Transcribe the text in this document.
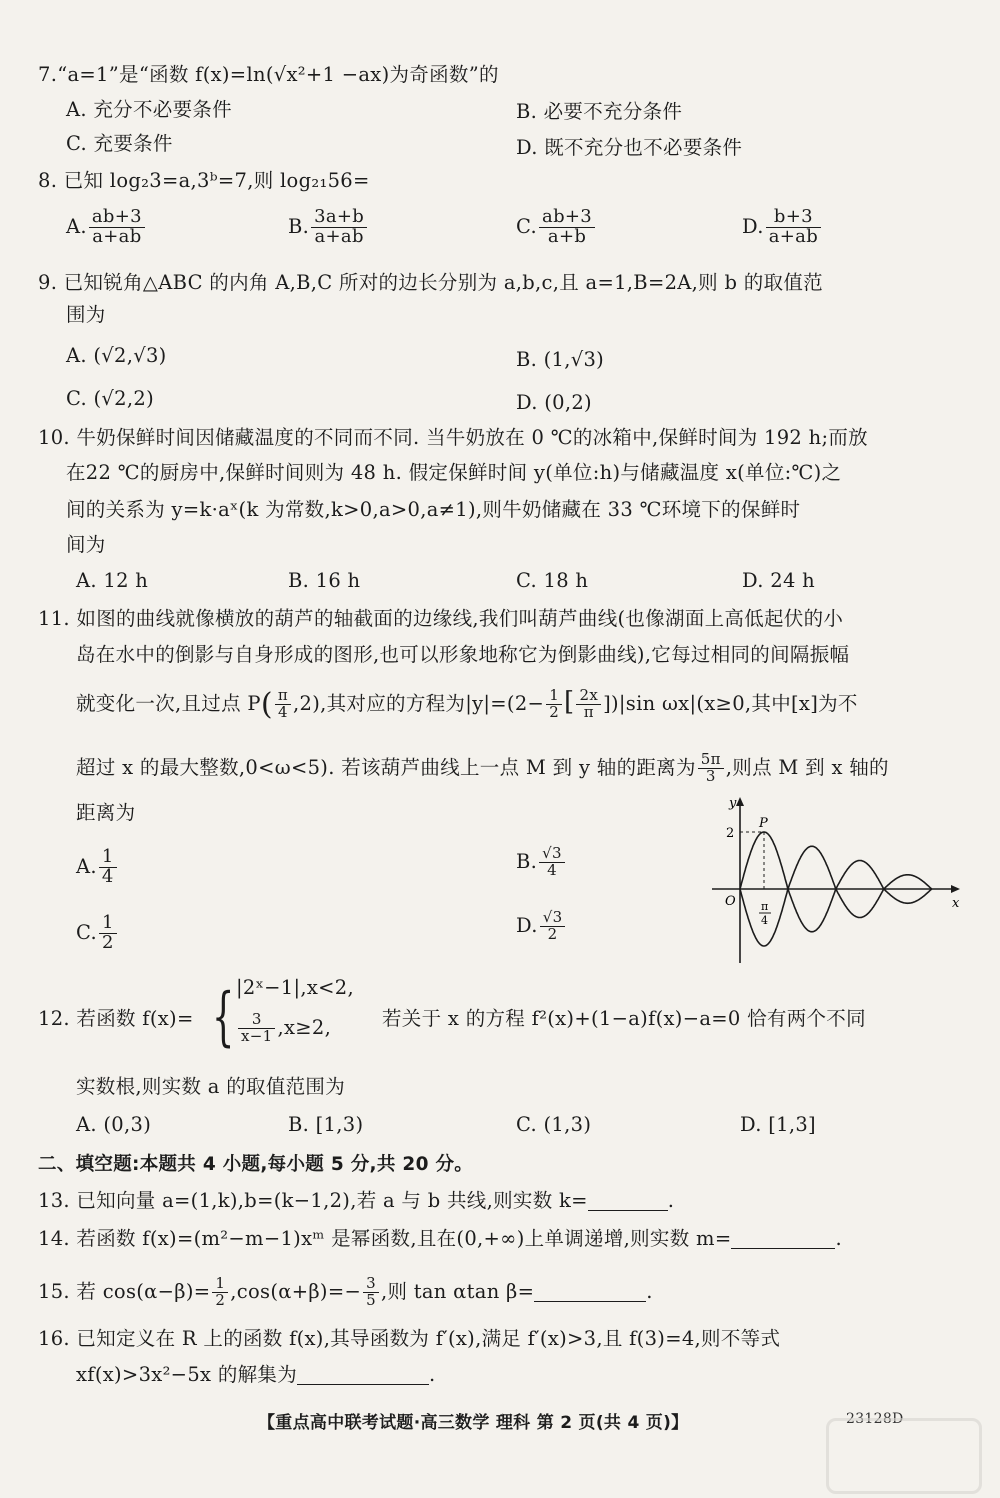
7.“a=1”是“函数 f(x)=ln(√x²+1 −ax)为奇函数”的
A. 充分不必要条件	B. 必要不充分条件
C. 充要条件	D. 既不充分也不必要条件
8. 已知 log₂3=a,3ᵇ=7,则 log₂₁56=
A. $\frac{ab+3}{a+ab}$	B. $\frac{3a+b}{a+ab}$	C. $\frac{ab+3}{a+b}$	D. $\frac{b+3}{a+ab}$
9. 已知锐角△ABC 的内角 A,B,C 所对的边长分别为 a,b,c,且 a=1,B=2A,则 b 的取值范
围为
A. (√2,√3)	B. (1,√3)
C. (√2,2)	D. (0,2)
10. 牛奶保鲜时间因储藏温度的不同而不同. 当牛奶放在 0 ℃的冰箱中,保鲜时间为 192 h;而放
在22 ℃的厨房中,保鲜时间则为 48 h. 假定保鲜时间 y(单位:h)与储藏温度 x(单位:℃)之
间的关系为 y=k·aˣ(k 为常数,k>0,a>0,a≠1),则牛奶储藏在 33 ℃环境下的保鲜时
间为
A. 12 h	B. 16 h	C. 18 h	D. 24 h
11. 如图的曲线就像横放的葫芦的轴截面的边缘线,我们叫葫芦曲线(也像湖面上高低起伏的小
岛在水中的倒影与自身形成的图形,也可以形象地称它为倒影曲线),它每过相同的间隔振幅
就变化一次,且过点 $P( \frac{\pi}{4} ,2)$,其对应的方程为$|y|=(2- \frac{1}{2}$ [ $\frac{2x}{\pi} ])|\sin$ ωx|(x≥0,其中[x]为不
超过 x 的最大整数,0<ω<5). 若该葫芦曲线上一点 M 到 y 轴的距离为 $\frac{5\pi}{3}$ ,则点 M 到 x 轴的
距离为
A. $\frac{1}{4}$	B. $\frac{√3}{4}$
C. $\frac{1}{2}$	D. $\frac{√3}{2}$
y
x
O
2
P
π
4
12. 若函数 f(x)= { |2ˣ−1|,x<2,
$\frac{3}{x-1} ,x\ge 2$,	若关于 x 的方程 f²(x)+(1−a)f(x)−a=0 恰有两个不同
实数根,则实数 a 的取值范围为
A. (0,3)	B. [1,3)	C. (1,3)	D. [1,3]
二、填空题:本题共 4 小题,每小题 5 分,共 20 分。
13. 已知向量 a=(1,k),b=(k−1,2),若 a 与 b 共线,则实数 k=	.
14. 若函数 f(x)=(m²−m−1)xᵐ 是幂函数,且在(0,+∞)上单调递增,则实数 m=	.
15. 若 $\cos(\alpha-\beta)= \frac{1}{2} ,\cos(\alpha+\beta)=- \frac{3}{5}$ ,则 tan αtan β=	.
16. 已知定义在 R 上的函数 f(x),其导函数为 f′(x),满足 f′(x)>3,且 f(3)=4,则不等式
xf(x)>3x²−5x 的解集为	.
【重点高中联考试题·高三数学 理科 第 2 页(共 4 页)】	23128D
